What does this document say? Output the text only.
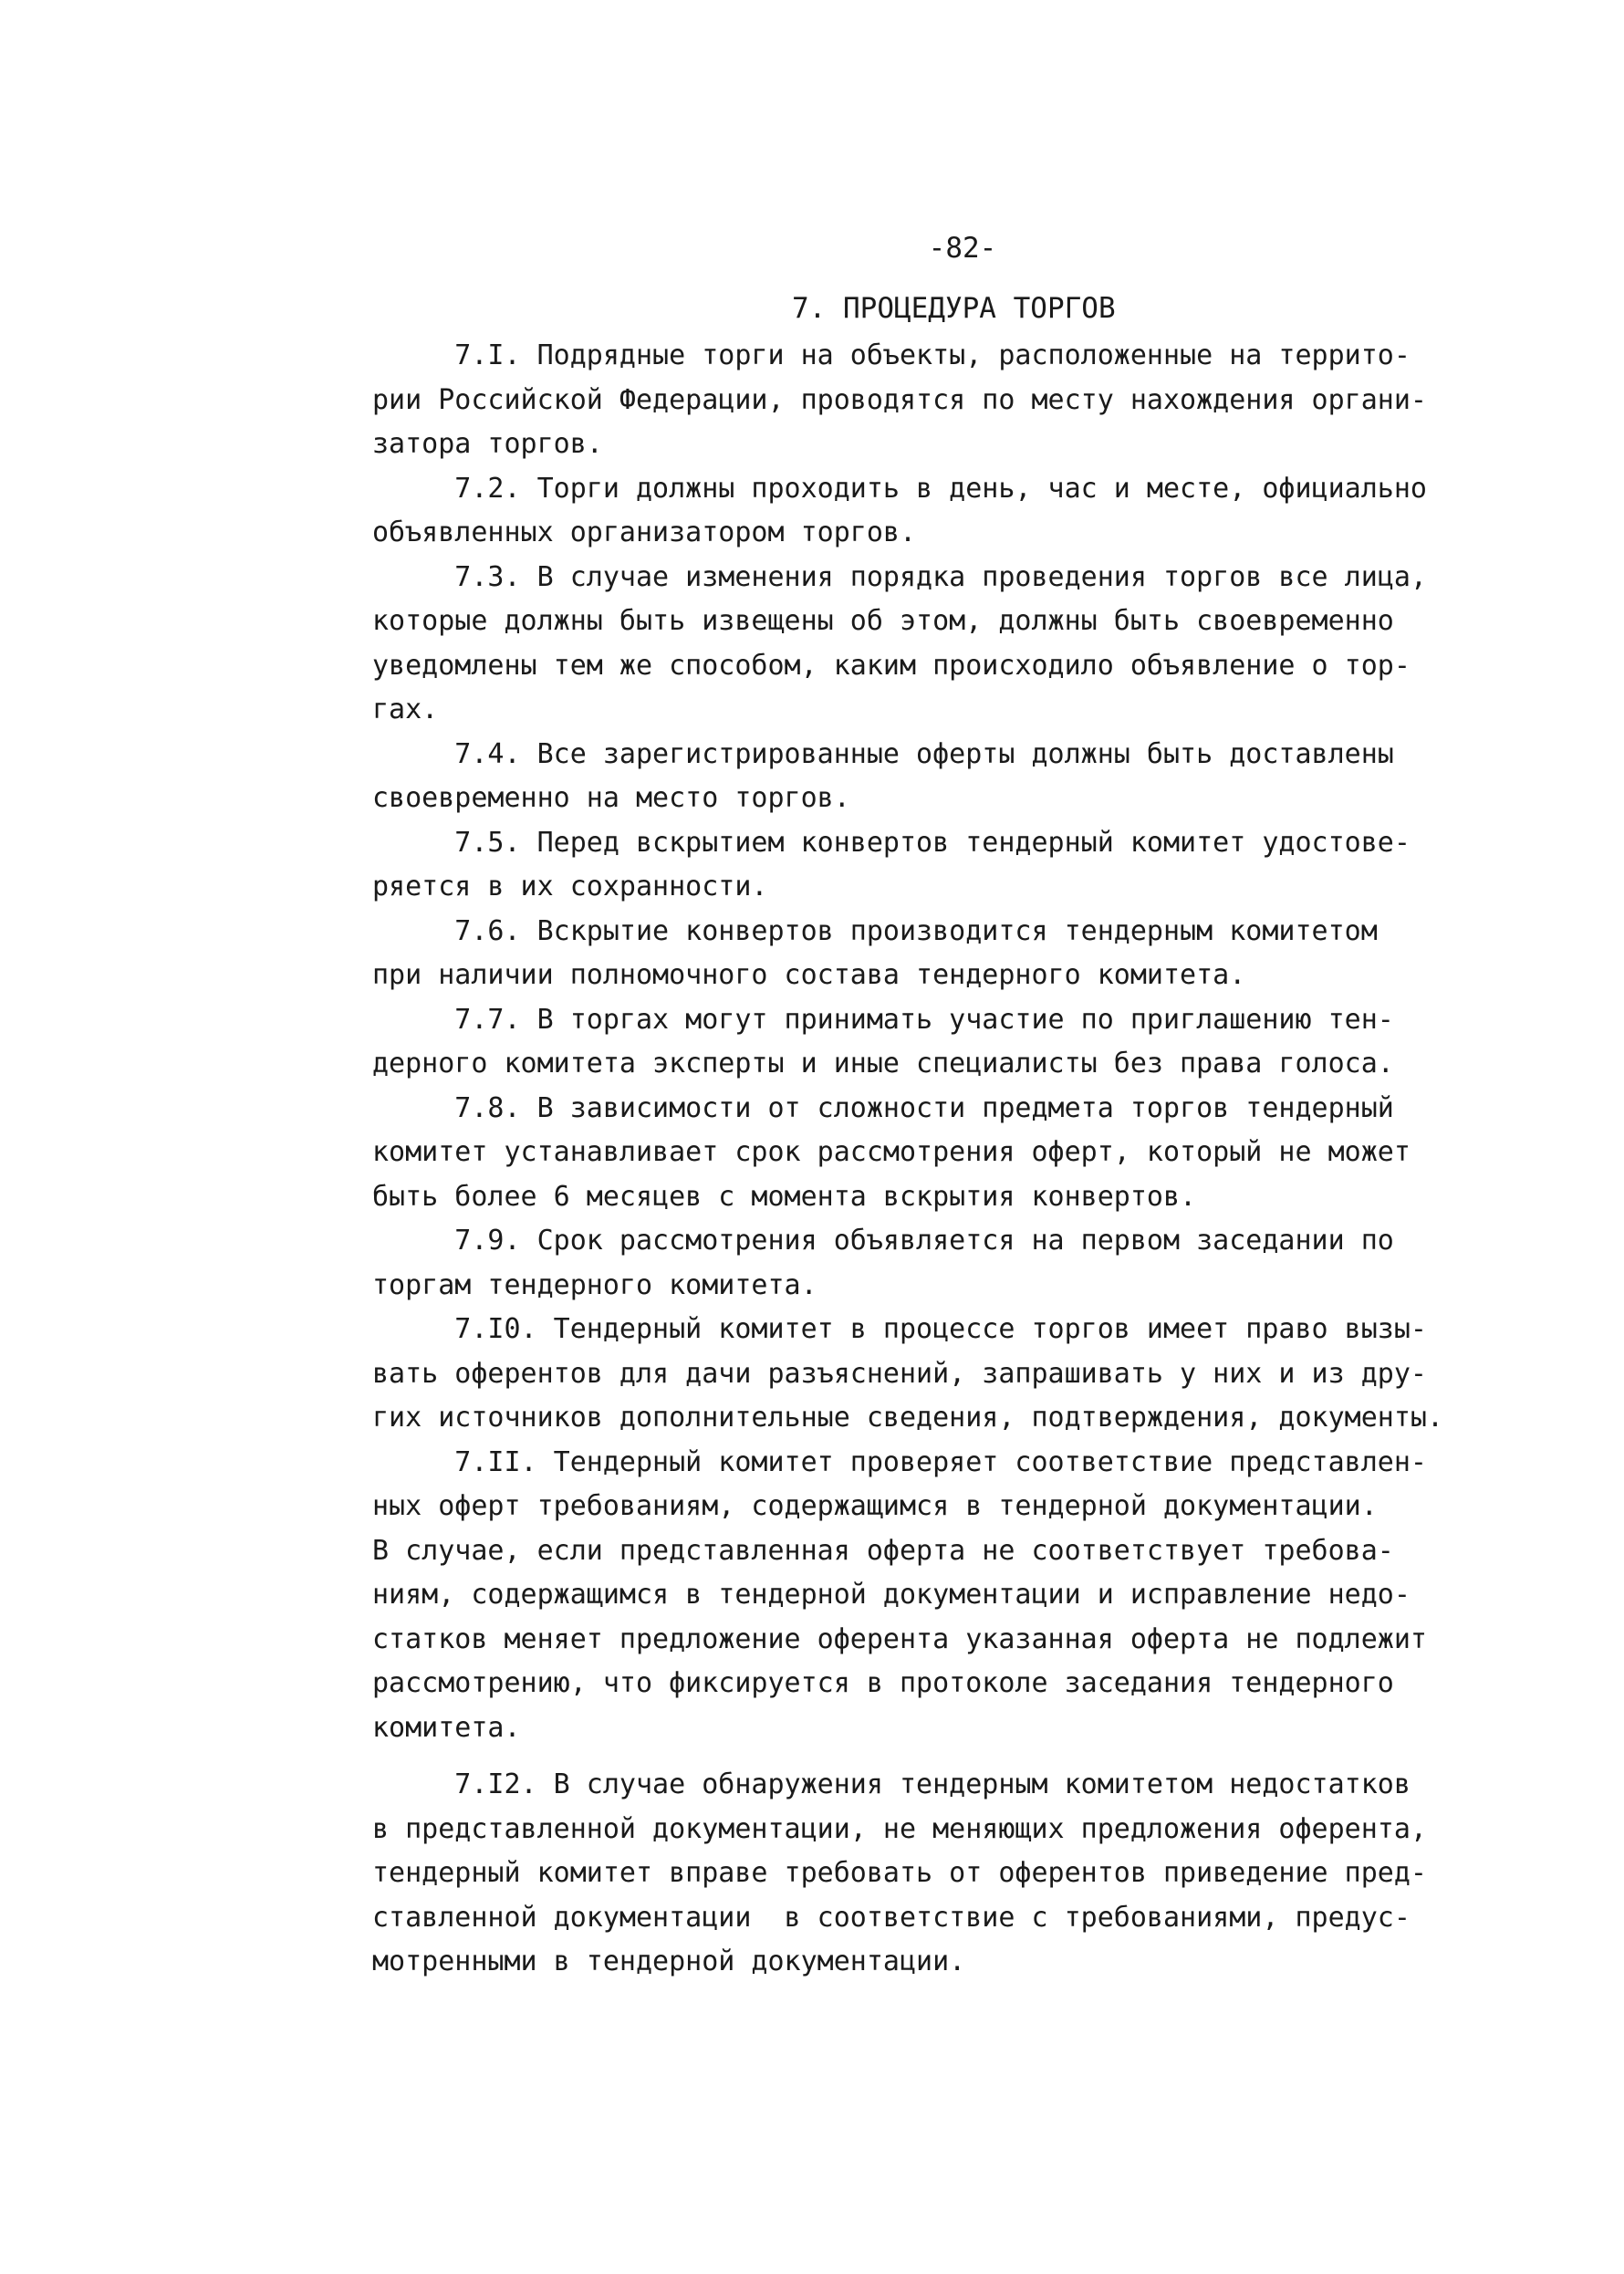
-82-
7. ПРОЦЕДУРА ТОРГОВ
7.I. Подрядные торги на объекты, расположенные на террито-
рии Российской Федерации, проводятся по месту нахождения органи-
затора торгов.
7.2. Торги должны проходить в день, час и месте, официально
объявленных организатором торгов.
7.3. В случае изменения порядка проведения торгов все лица,
которые должны быть извещены об этом, должны быть своевременно
уведомлены тем же способом, каким происходило объявление о тор-
гах.
7.4. Все зарегистрированные оферты должны быть доставлены
своевременно на место торгов.
7.5. Перед вскрытием конвертов тендерный комитет удостове-
ряется в их сохранности.
7.6. Вскрытие конвертов производится тендерным комитетом
при наличии полномочного состава тендерного комитета.
7.7. В торгах могут принимать участие по приглашению тен-
дерного комитета эксперты и иные специалисты без права голоса.
7.8. В зависимости от сложности предмета торгов тендерный
комитет устанавливает срок рассмотрения оферт, который не может
быть более 6 месяцев с момента вскрытия конвертов.
7.9. Срок рассмотрения объявляется на первом заседании по
торгам тендерного комитета.
7.I0. Тендерный комитет в процессе торгов имеет право вызы-
вать оферентов для дачи разъяснений, запрашивать у них и из дру-
гих источников дополнительные сведения, подтверждения, документы.
7.II. Тендерный комитет проверяет соответствие представлен-
ных оферт требованиям, содержащимся в тендерной документации.
В случае, если представленная оферта не соответствует требова-
ниям, содержащимся в тендерной документации и исправление недо-
статков меняет предложение оферента указанная оферта не подлежит
рассмотрению, что фиксируется в протоколе заседания тендерного
комитета.
7.I2. В случае обнаружения тендерным комитетом недостатков
в представленной документации, не меняющих предложения оферента,
тендерный комитет вправе требовать от оферентов приведение пред-
ставленной документации  в соответствие с требованиями, предус-
мотренными в тендерной документации.
